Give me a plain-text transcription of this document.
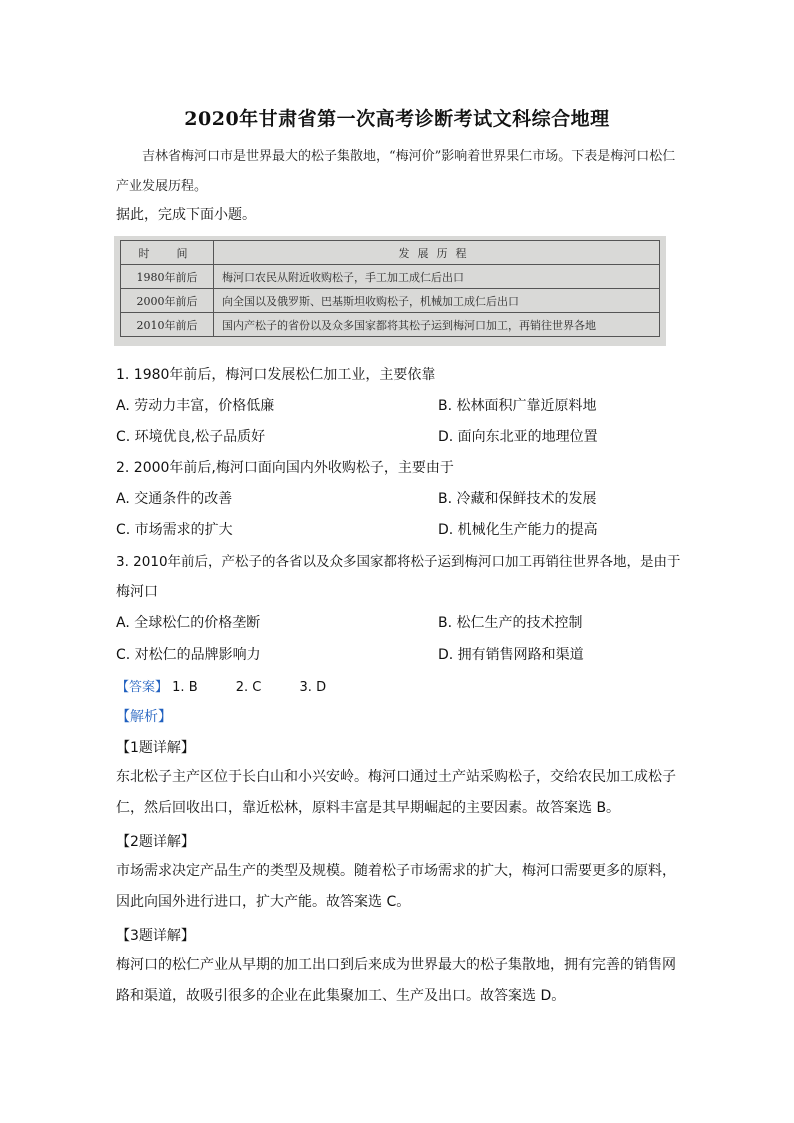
2020年甘肃省第一次高考诊断考试文科综合地理

吉林省梅河口市是世界最大的松子集散地，“梅河价”影响着世界果仁市场。下表是梅河口松仁产业发展历程。

据此，完成下面小题。
时　间	发展历程
1980年前后	梅河口农民从附近收购松子，手工加工成仁后出口
2000年前后	向全国以及俄罗斯、巴基斯坦收购松子，机械加工成仁后出口
2010年前后	国内产松子的省份以及众多国家都将其松子运到梅河口加工，再销往世界各地
1. 1980年前后，梅河口发展松仁加工业，主要依靠
A. 劳动力丰富，价格低廉	B. 松林面积广靠近原料地
C. 环境优良,松子品质好	D. 面向东北亚的地理位置
2. 2000年前后,梅河口面向国内外收购松子，主要由于
A. 交通条件的改善	B. 冷藏和保鲜技术的发展
C. 市场需求的扩大	D. 机械化生产能力的提高
3. 2010年前后，产松子的各省以及众多国家都将松子运到梅河口加工再销往世界各地，是由于
梅河口
A. 全球松仁的价格垄断	B. 松仁生产的技术控制
C. 对松仁的品牌影响力	D. 拥有销售网路和渠道
【答案】 1. B	2. C	3. D
【解析】
【1题详解】
东北松子主产区位于长白山和小兴安岭。梅河口通过土产站采购松子，交给农民加工成松子
仁，然后回收出口，靠近松林，原料丰富是其早期崛起的主要因素。故答案选 B。
【2题详解】
市场需求决定产品生产的类型及规模。随着松子市场需求的扩大，梅河口需要更多的原料，
因此向国外进行进口，扩大产能。故答案选 C。
【3题详解】
梅河口的松仁产业从早期的加工出口到后来成为世界最大的松子集散地，拥有完善的销售网
路和渠道，故吸引很多的企业在此集聚加工、生产及出口。故答案选 D。
